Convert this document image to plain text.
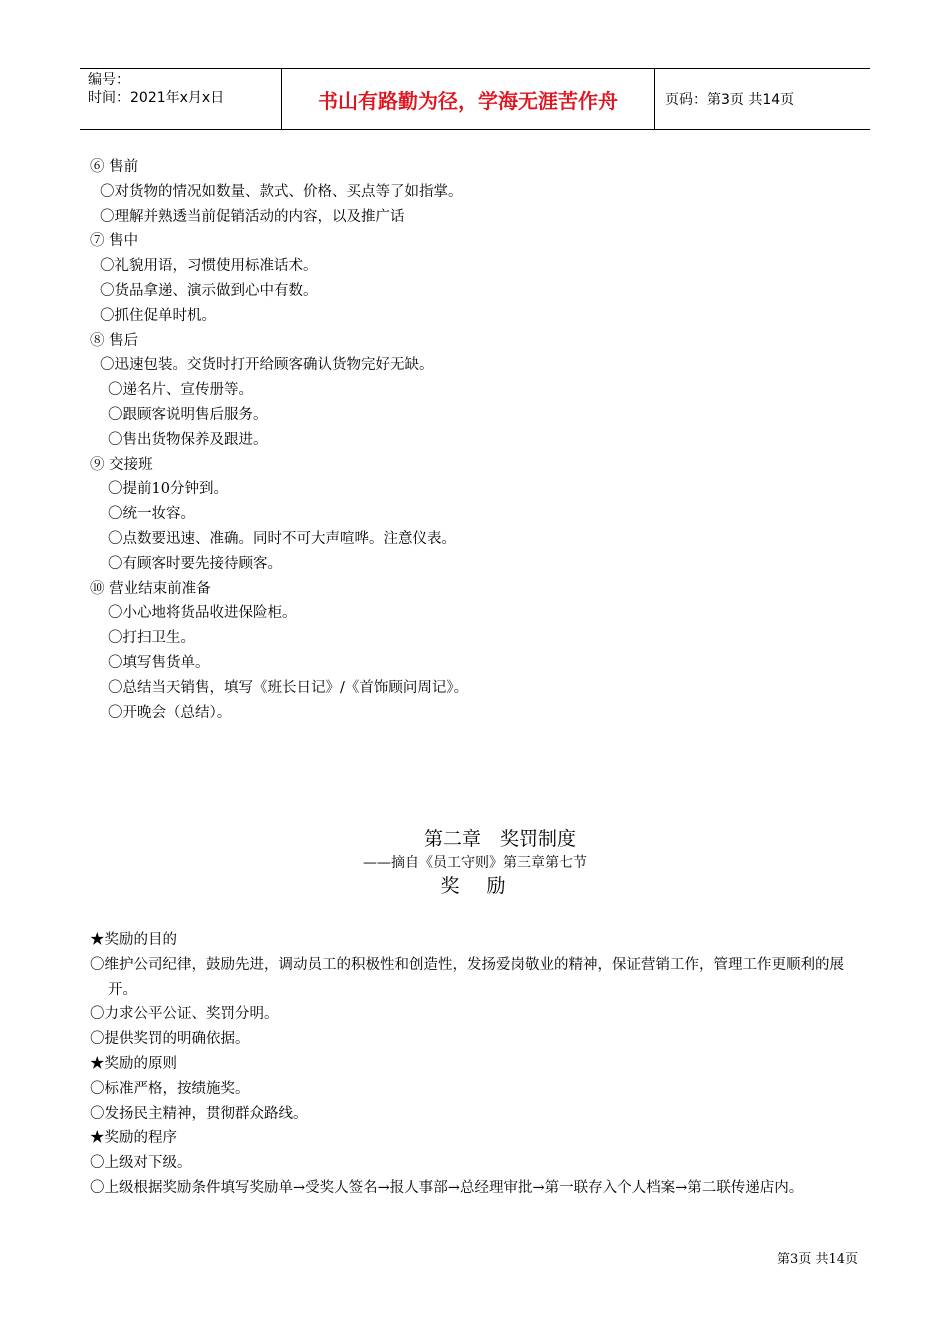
编号：
时间：2021年x月x日	书山有路勤为径，学海无涯苦作舟	页码：第3页 共14页
⑥ 售前
〇对货物的情况如数量、款式、价格、买点等了如指掌。
〇理解并熟透当前促销活动的内容，以及推广话
⑦ 售中
〇礼貌用语，习惯使用标准话术。
〇货品拿递、演示做到心中有数。
〇抓住促单时机。
⑧ 售后
〇迅速包装。交货时打开给顾客确认货物完好无缺。
〇递名片、宣传册等。
〇跟顾客说明售后服务。
〇售出货物保养及跟进。
⑨ 交接班
〇提前10分钟到。
〇统一妆容。
〇点数要迅速、准确。同时不可大声喧哗。注意仪表。
〇有顾客时要先接待顾客。
⑩ 营业结束前准备
〇小心地将货品收进保险柜。
〇打扫卫生。
〇填写售货单。
〇总结当天销售，填写《班长日记》/《首饰顾问周记》。
〇开晚会（总结）。
第二章　奖罚制度
——摘自《员工守则》第三章第七节
奖　励
★奖励的目的
〇维护公司纪律，鼓励先进，调动员工的积极性和创造性，发扬爱岗敬业的精神，保证营销工作，管理工作更顺利的展开。
〇力求公平公证、奖罚分明。
〇提供奖罚的明确依据。
★奖励的原则
〇标准严格，按绩施奖。
〇发扬民主精神，贯彻群众路线。
★奖励的程序
〇上级对下级。
〇上级根据奖励条件填写奖励单→受奖人签名→报人事部→总经理审批→第一联存入个人档案→第二联传递店内。
第3页 共14页
